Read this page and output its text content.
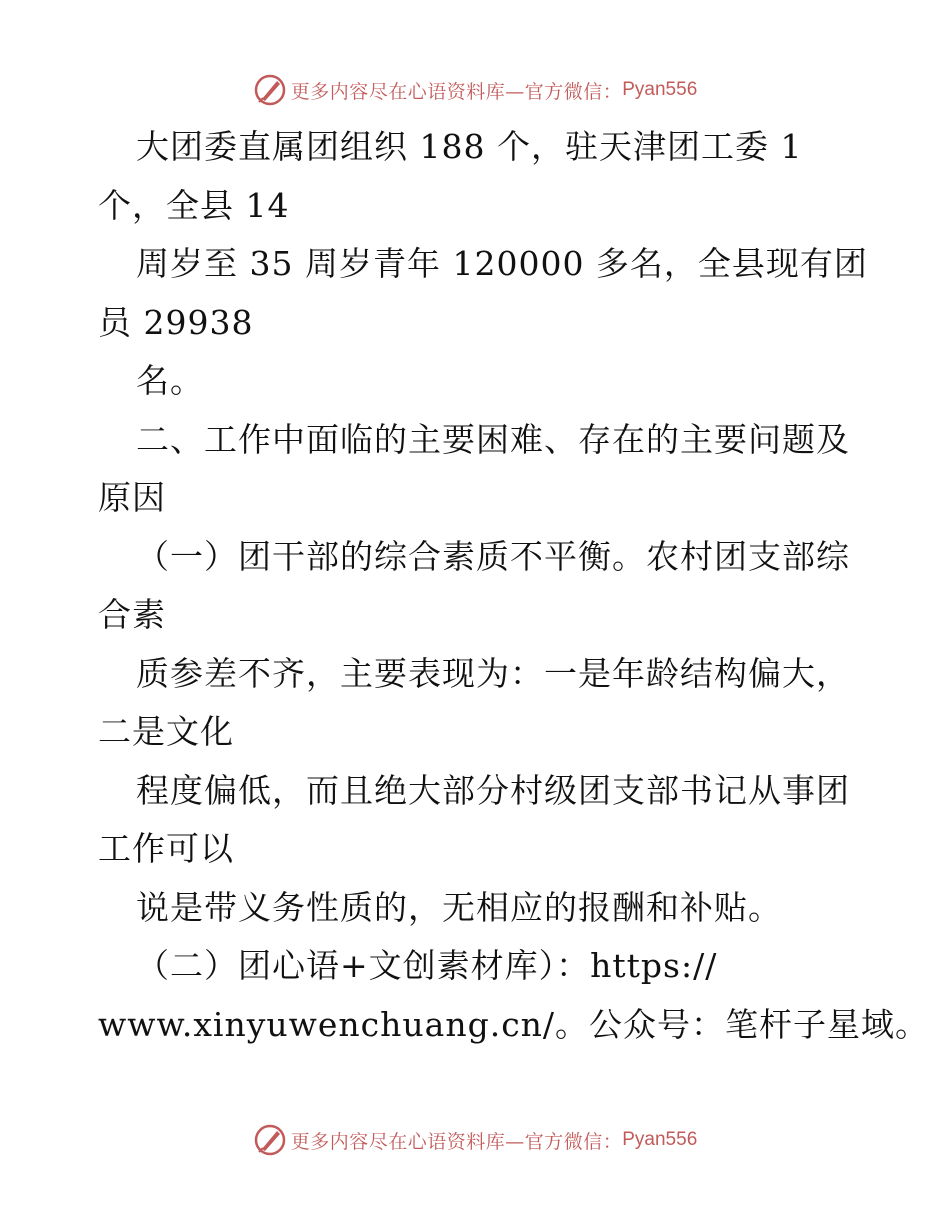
更多内容尽在心语资料库—官方微信： Pyan556
大团委直属团组织 188 个，驻天津团工委 1
个，全县 14
周岁至 35 周岁青年 120000 多名，全县现有团
员 29938
名。
二、工作中面临的主要困难、存在的主要问题及
原因
（一）团干部的综合素质不平衡。农村团支部综
合素
质参差不齐，主要表现为：一是年龄结构偏大，
二是文化
程度偏低，而且绝大部分村级团支部书记从事团
工作可以
说是带义务性质的，无相应的报酬和补贴。
（二）团心语+文创素材库）：https://
www.xinyuwenchuang.cn/。公众号：笔杆子星域。
更多内容尽在心语资料库—官方微信： Pyan556
